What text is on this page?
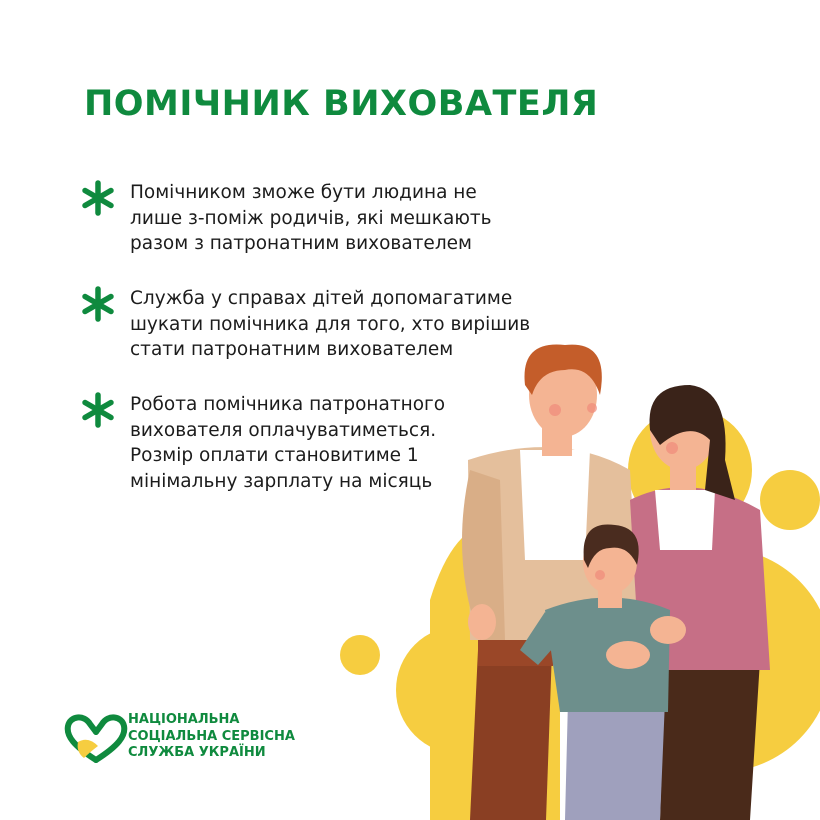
ПОМІЧНИК ВИХОВАТЕЛЯ
Помічником зможе бути людина не
лише з-поміж родичів, які мешкають
разом з патронатним вихователем
Служба у справах дітей допомагатиме
шукати помічника для того, хто вирішив
стати патронатним вихователем
Робота помічника патронатного
вихователя оплачуватиметься.
Розмір оплати становитиме 1
мінімальну зарплату на місяць
НАЦІОНАЛЬНА
СОЦІАЛЬНА СЕРВІСНА
СЛУЖБА УКРАЇНИ
